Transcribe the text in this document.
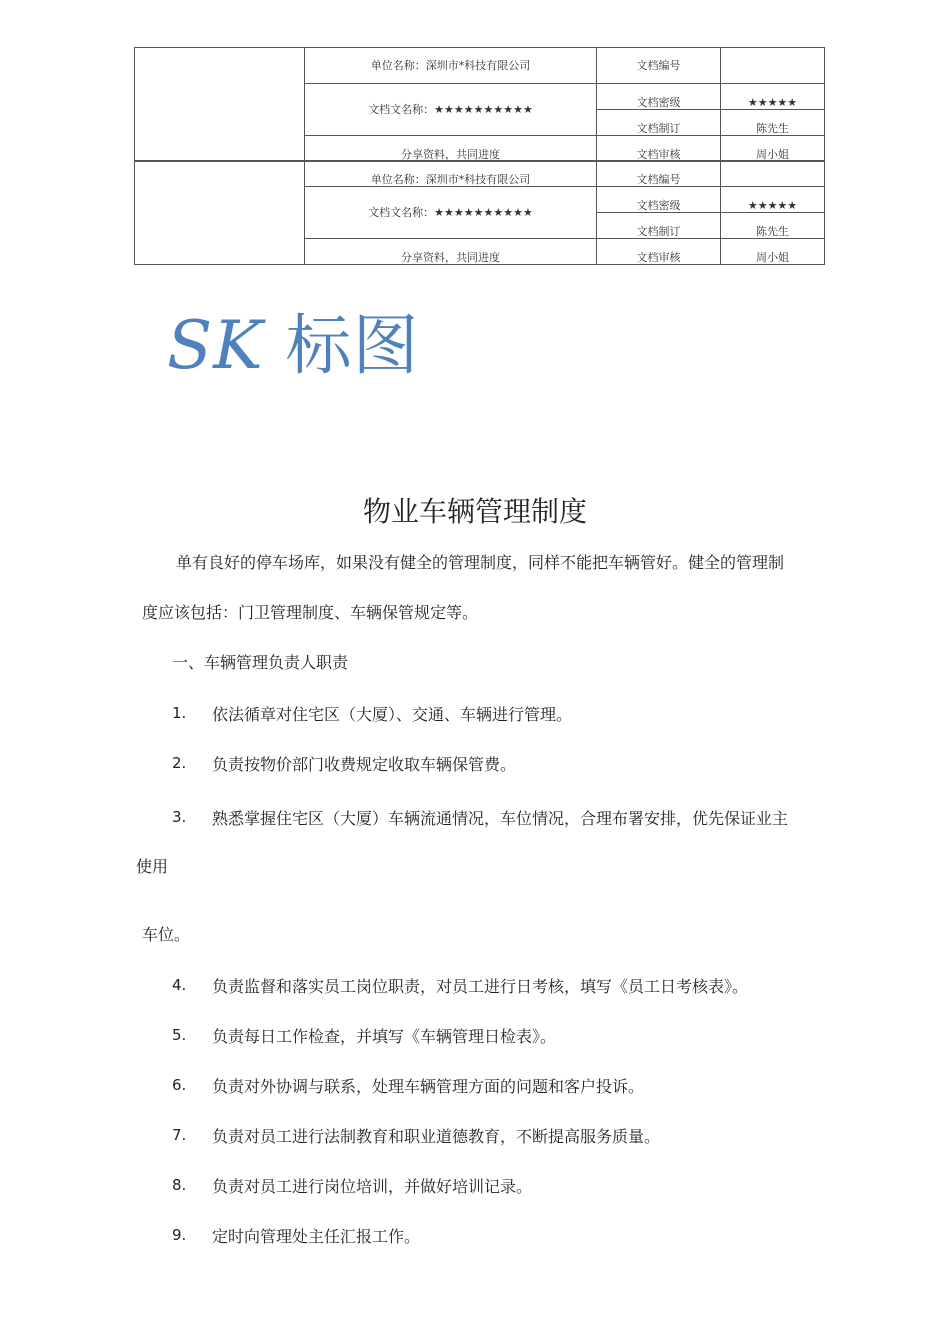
	单位名称：深圳市*科技有限公司	文档编号	
	文档文名称：★★★★★★★★★★	文档密级	★★★★★
		文档制订	陈先生
	分享资料，共同进度	文档审核	周小姐
	单位名称：深圳市*科技有限公司	文档编号	
	文档文名称：★★★★★★★★★★	文档密级	★★★★★
		文档制订	陈先生
	分享资料，共同进度	文档审核	周小姐
SK 标图
物业车辆管理制度
单有良好的停车场库，如果没有健全的管理制度，同样不能把车辆管好。健全的管理制
度应该包括：门卫管理制度、车辆保管规定等。
一、车辆管理负责人职责
1. 依法循章对住宅区（大厦）、交通、车辆进行管理。
2. 负责按物价部门收费规定收取车辆保管费。
3. 熟悉掌握住宅区（大厦）车辆流通情况，车位情况，合理布署安排，优先保证业主
4. 负责监督和落实员工岗位职责，对员工进行日考核，填写《员工日考核表》。
5. 负责每日工作检查，并填写《车辆管理日检表》。
6. 负责对外协调与联系，处理车辆管理方面的问题和客户投诉。
7. 负责对员工进行法制教育和职业道德教育，不断提高服务质量。
8. 负责对员工进行岗位培训，并做好培训记录。
9. 定时向管理处主任汇报工作。
使用
车位。
